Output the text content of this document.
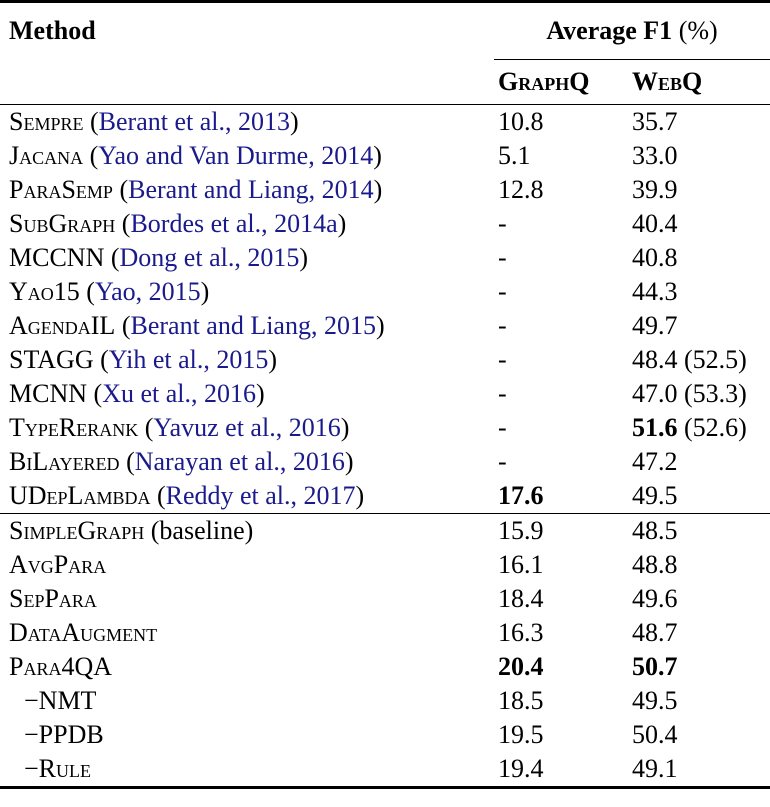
Method	Average F1 (%)	
	GraphQ	WebQ
Sempre (Berant et al., 2013)	10.8	35.7
Jacana (Yao and Van Durme, 2014)	5.1	33.0
ParaSemp (Berant and Liang, 2014)	12.8	39.9
SubGraph (Bordes et al., 2014a)	-	40.4
MCCNN (Dong et al., 2015)	-	40.8
Yao15 (Yao, 2015)	-	44.3
AgendaIL (Berant and Liang, 2015)	-	49.7
STAGG (Yih et al., 2015)	-	48.4 (52.5)
MCNN (Xu et al., 2016)	-	47.0 (53.3)
TypeRerank (Yavuz et al., 2016)	-	51.6 (52.6)
BiLayered (Narayan et al., 2016)	-	47.2
UDepLambda (Reddy et al., 2017)	17.6	49.5
SimpleGraph (baseline)	15.9	48.5
AvgPara	16.1	48.8
SepPara	18.4	49.6
DataAugment	16.3	48.7
Para4QA	20.4	50.7
−NMT	18.5	49.5
−PPDB	19.5	50.4
−Rule	19.4	49.1
